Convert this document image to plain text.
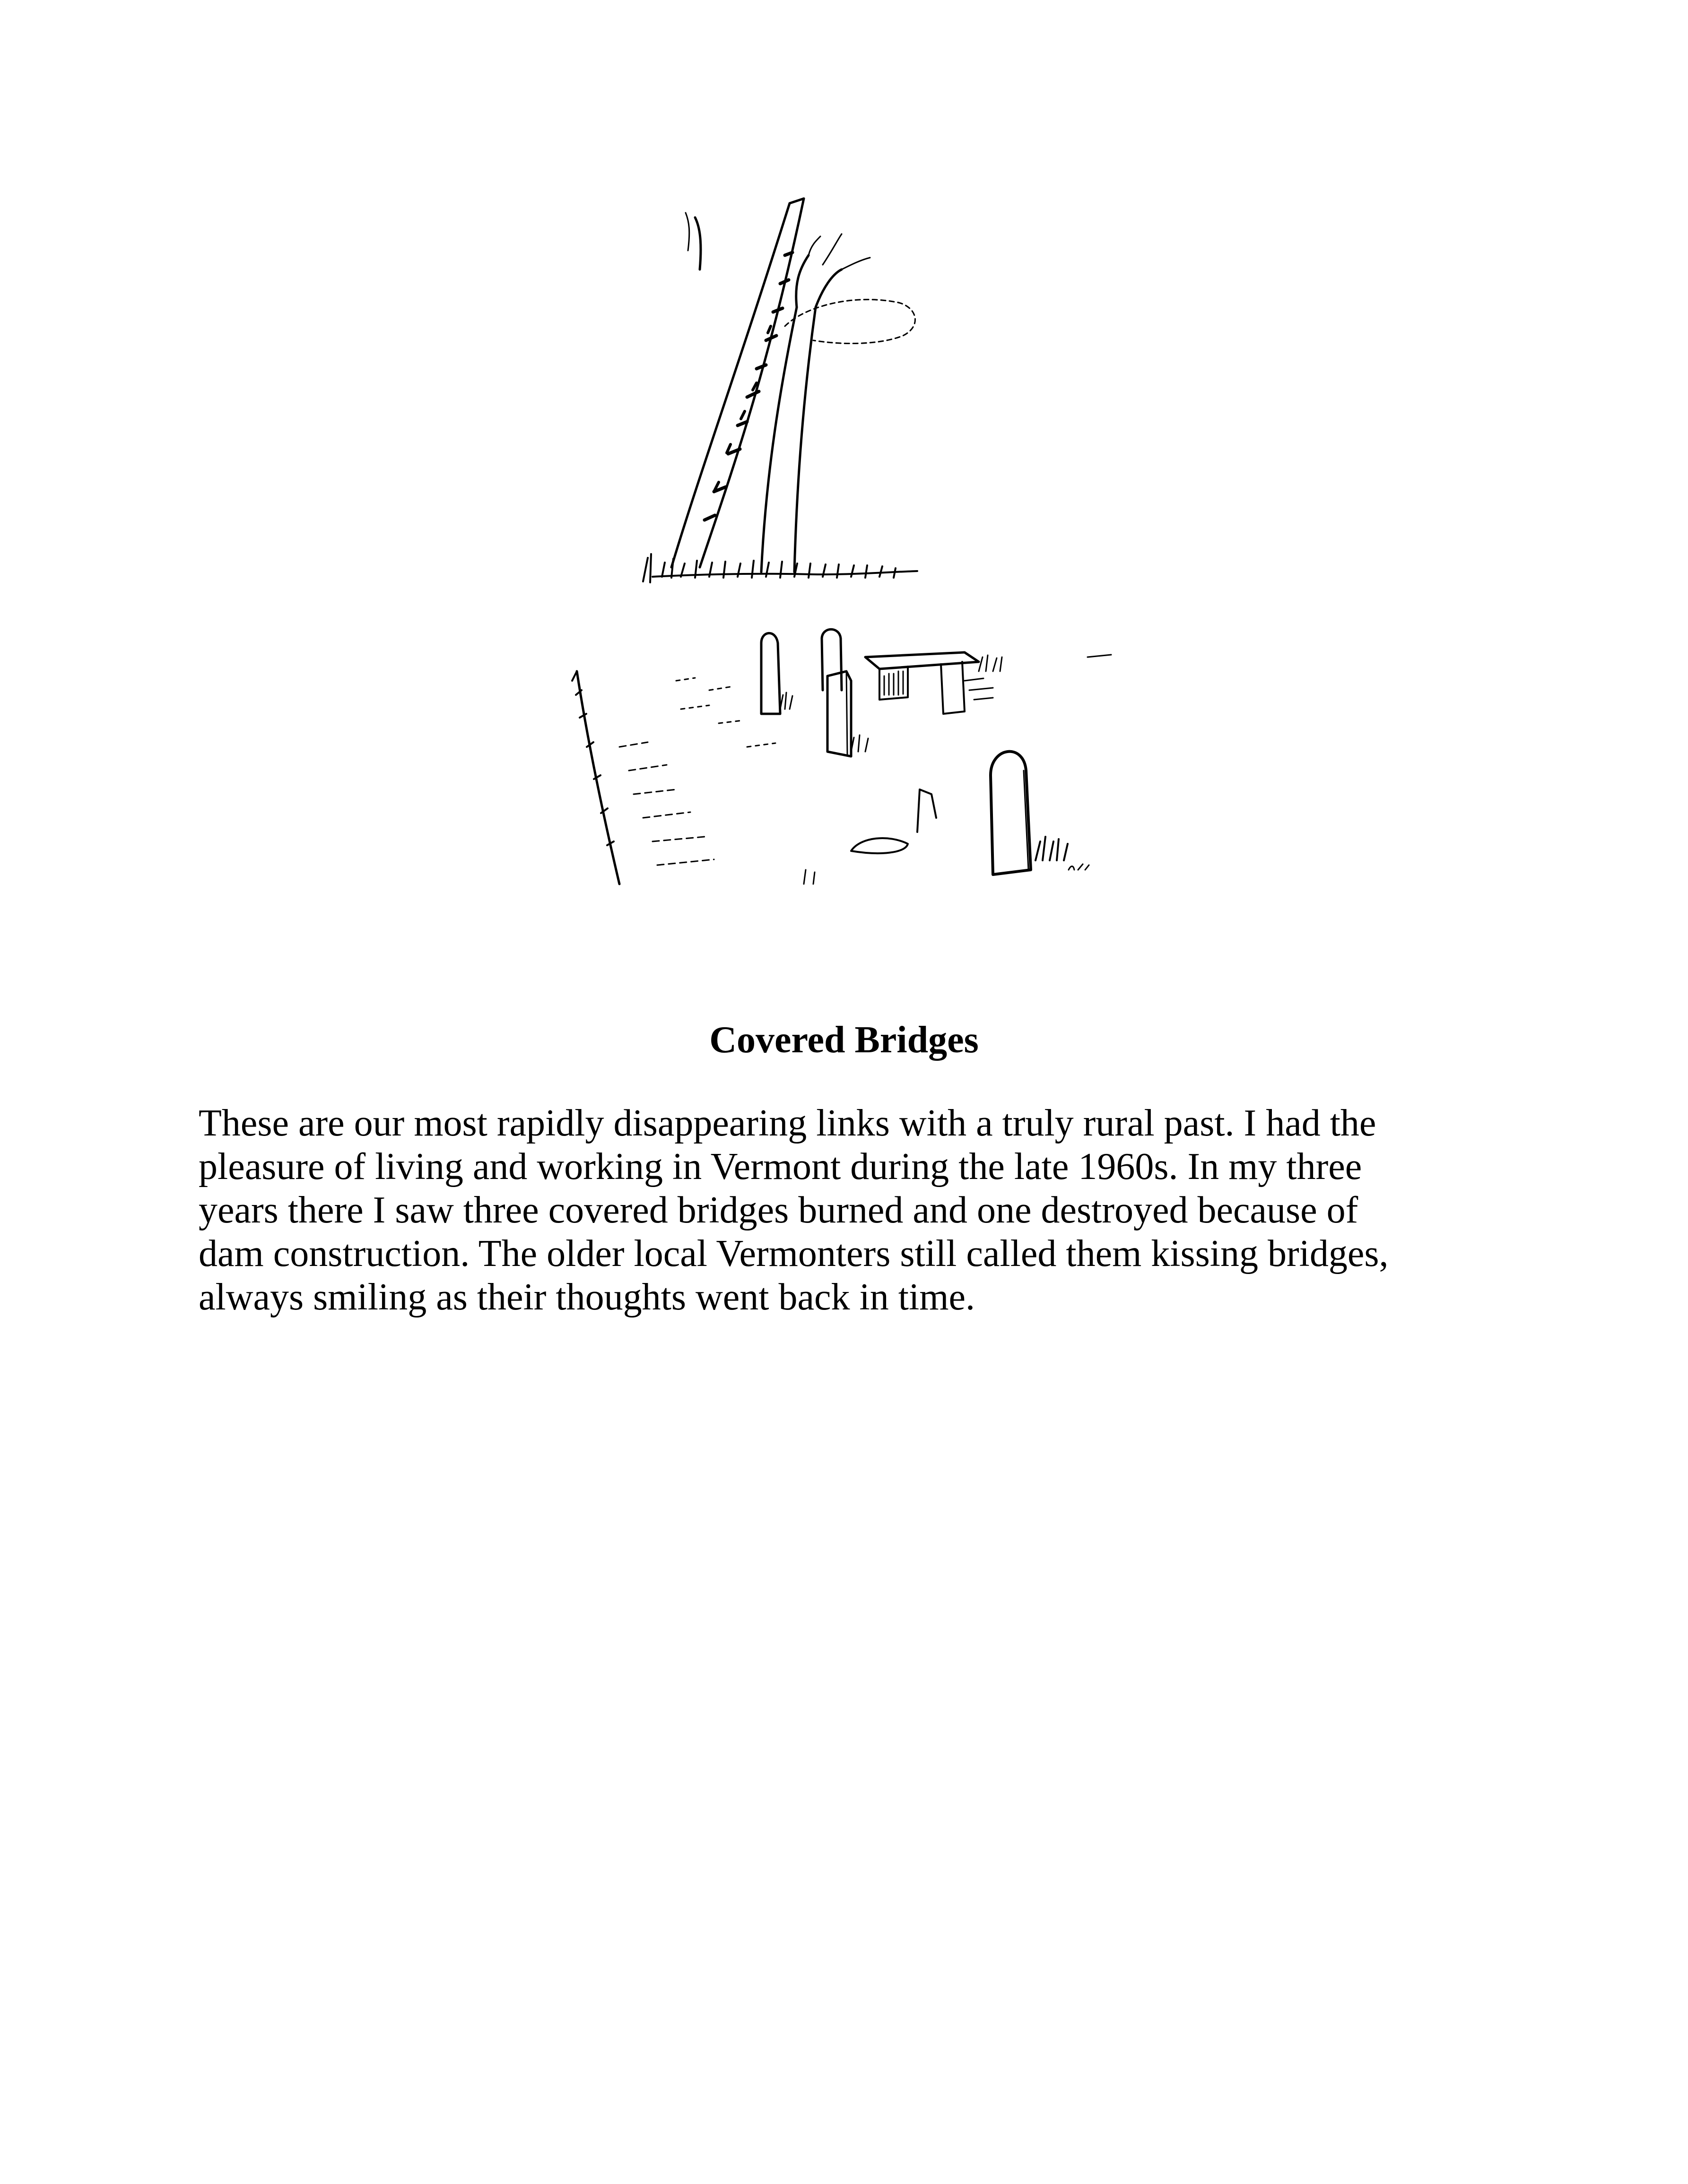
Covered Bridges

These are our most rapidly disappearing links with a truly rural past. I had the
pleasure of living and working in Vermont during the late 1960s. In my three
years there I saw three covered bridges burned and one destroyed because of
dam construction. The older local Vermonters still called them kissing bridges,
always smiling as their thoughts went back in time.
